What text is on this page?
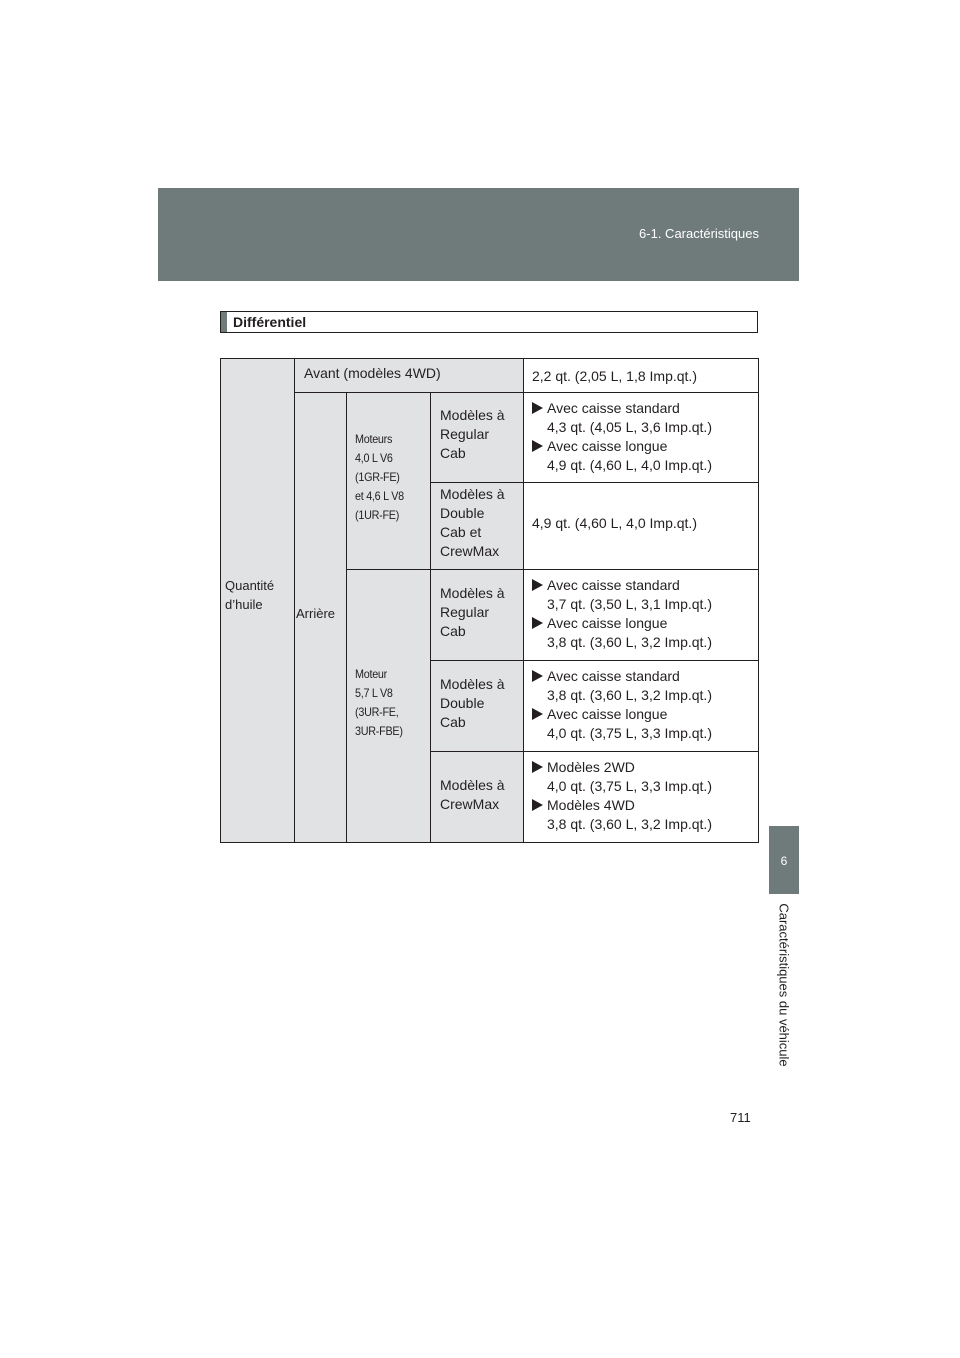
6-1. Caractéristiques
6
Caractéristiques du véhicule
Différentiel
Quantité
d’huile
Avant (modèles 4WD)
Arrière
Moteurs
4,0 L V6
(1GR-FE)
et 4,6 L V8
(1UR-FE)
Moteur
5,7 L V8
(3UR-FE,
3UR-FBE)
Modèles à
Regular
Cab
Modèles à
Double
Cab et
CrewMax
Modèles à
Regular
Cab
Modèles à
Double
Cab
Modèles à
CrewMax
2,2 qt. (2,05 L, 1,8 Imp.qt.)
Avec caisse standard
4,3 qt. (4,05 L, 3,6 Imp.qt.)
Avec caisse longue
4,9 qt. (4,60 L, 4,0 Imp.qt.)
4,9 qt. (4,60 L, 4,0 Imp.qt.)
Avec caisse standard
3,7 qt. (3,50 L, 3,1 Imp.qt.)
Avec caisse longue
3,8 qt. (3,60 L, 3,2 Imp.qt.)
Avec caisse standard
3,8 qt. (3,60 L, 3,2 Imp.qt.)
Avec caisse longue
4,0 qt. (3,75 L, 3,3 Imp.qt.)
Modèles 2WD
4,0 qt. (3,75 L, 3,3 Imp.qt.)
Modèles 4WD
3,8 qt. (3,60 L, 3,2 Imp.qt.)
711
